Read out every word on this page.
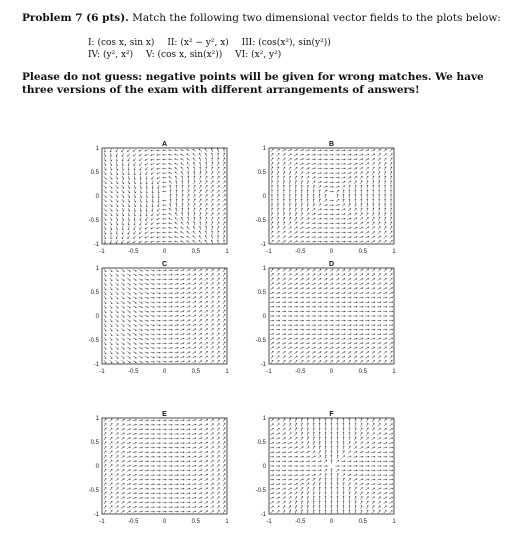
Problem 7 (6 pts). Match the following two dimensional vector fields to the plots below:
I: (cos x, sin x) II: (x² − y², x) III: (cos(x²), sin(y²))
IV: (y², x²) V: (cos x, sin(x²)) VI: (x², y²)
Please do not guess: negative points will be given for wrong matches. We have three versions of the exam with different arrangements of answers!
A
-1	-0.5	0	0.5	1
1
0.5
0
-0.5
-1
B
-1	-0.5	0	0.5	1
1
0.5
0
-0.5
-1
C
-1	-0.5	0	0.5	1
1
0.5
0
-0.5
-1
D
-1	-0.5	0	0.5	1
1
0.5
0
-0.5
-1
E
-1	-0.5	0	0.5	1
1
0.5
0
-0.5
-1
F
-1	-0.5	0	0.5	1
1
0.5
0
-0.5
-1
